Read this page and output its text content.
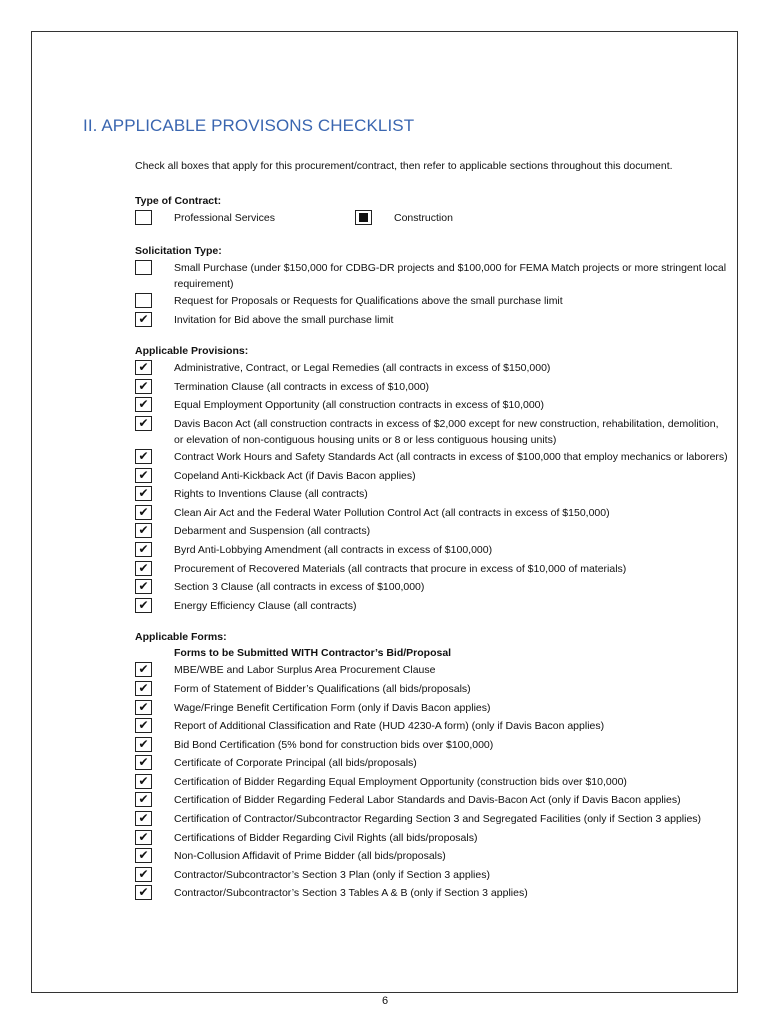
II. APPLICABLE PROVISONS CHECKLIST
Check all boxes that apply for this procurement/contract, then refer to applicable sections throughout this document.
Type of Contract:
Professional Services	Construction
Solicitation Type:
Small Purchase (under $150,000 for CDBG-DR projects and $100,000 for FEMA Match projects or more stringent local requirement)
Request for Proposals or Requests for Qualifications above the small purchase limit
✔	Invitation for Bid above the small purchase limit
Applicable Provisions:
✔	Administrative, Contract, or Legal Remedies (all contracts in excess of $150,000)
✔	Termination Clause (all contracts in excess of $10,000)
✔	Equal Employment Opportunity (all construction contracts in excess of $10,000)
✔	Davis Bacon Act (all construction contracts in excess of $2,000 except for new construction, rehabilitation, demolition, or elevation of non-contiguous housing units or 8 or less contiguous housing units)
✔	Contract Work Hours and Safety Standards Act (all contracts in excess of $100,000 that employ mechanics or laborers)
✔	Copeland Anti-Kickback Act (if Davis Bacon applies)
✔	Rights to Inventions Clause (all contracts)
✔	Clean Air Act and the Federal Water Pollution Control Act (all contracts in excess of $150,000)
✔	Debarment and Suspension (all contracts)
✔	Byrd Anti-Lobbying Amendment (all contracts in excess of $100,000)
✔	Procurement of Recovered Materials (all contracts that procure in excess of $10,000 of materials)
✔	Section 3 Clause (all contracts in excess of $100,000)
✔	Energy Efficiency Clause (all contracts)
Applicable Forms:
Forms to be Submitted WITH Contractor’s Bid/Proposal
✔	MBE/WBE and Labor Surplus Area Procurement Clause
✔	Form of Statement of Bidder’s Qualifications (all bids/proposals)
✔	Wage/Fringe Benefit Certification Form (only if Davis Bacon applies)
✔	Report of Additional Classification and Rate (HUD 4230-A form) (only if Davis Bacon applies)
✔	Bid Bond Certification (5% bond for construction bids over $100,000)
✔	Certificate of Corporate Principal (all bids/proposals)
✔	Certification of Bidder Regarding Equal Employment Opportunity (construction bids over $10,000)
✔	Certification of Bidder Regarding Federal Labor Standards and Davis-Bacon Act (only if Davis Bacon applies)
✔	Certification of Contractor/Subcontractor Regarding Section 3 and Segregated Facilities (only if Section 3 applies)
✔	Certifications of Bidder Regarding Civil Rights (all bids/proposals)
✔	Non-Collusion Affidavit of Prime Bidder (all bids/proposals)
✔	Contractor/Subcontractor’s Section 3 Plan (only if Section 3 applies)
✔	Contractor/Subcontractor’s Section 3 Tables A & B (only if Section 3 applies)
6
